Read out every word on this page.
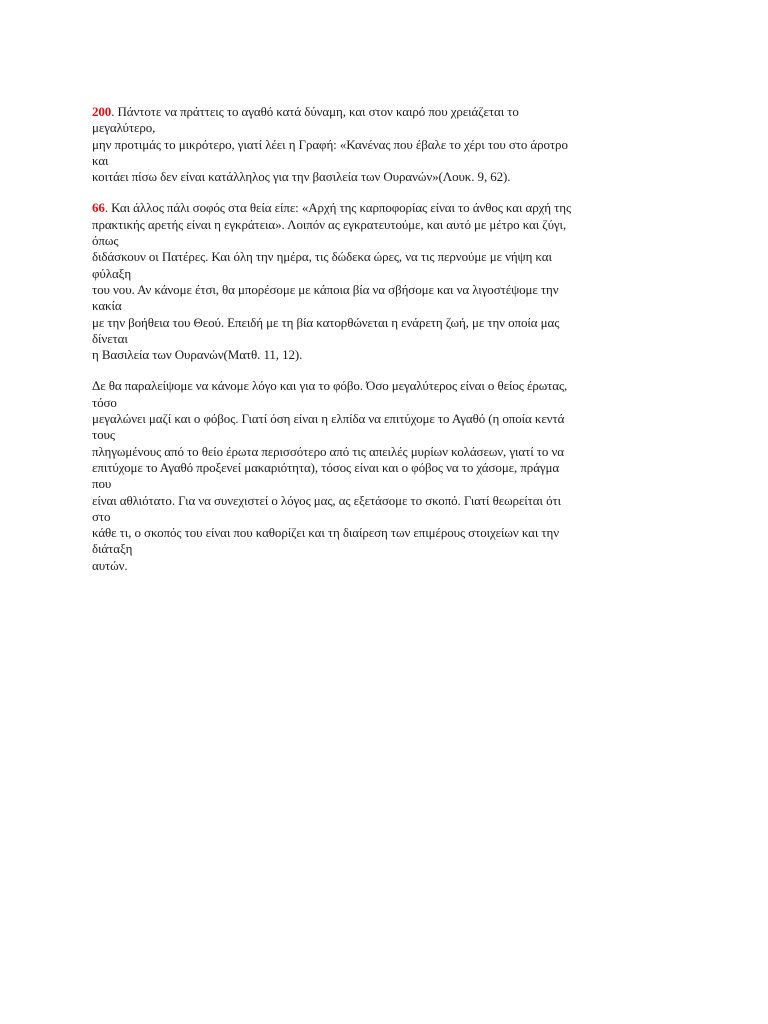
200. Πάντοτε να πράττεις το αγαθό κατά δύναμη, και στον καιρό που χρειάζεται το
μεγαλύτερο,
μην προτιμάς το μικρότερο, γιατί λέει η Γραφή: «Κανένας που έβαλε το χέρι του στο άροτρο
και
κοιτάει πίσω δεν είναι κατάλληλος για την βασιλεία των Ουρανών»(Λουκ. 9, 62).
66. Και άλλος πάλι σοφός στα θεία είπε: «Αρχή της καρποφορίας είναι το άνθος και αρχή της
πρακτικής αρετής είναι η εγκράτεια». Λοιπόν ας εγκρατευτούμε, και αυτό με μέτρο και ζύγι,
όπως
διδάσκουν οι Πατέρες. Και όλη την ημέρα, τις δώδεκα ώρες, να τις περνούμε με νήψη και
φύλαξη
του νου. Αν κάνομε έτσι, θα μπορέσομε με κάποια βία να σβήσομε και να λιγοστέψομε την
κακία
με την βοήθεια του Θεού. Επειδή με τη βία κατορθώνεται η ενάρετη ζωή, με την οποία μας
δίνεται
η Βασιλεία των Ουρανών(Ματθ. 11, 12).
Δε θα παραλείψομε να κάνομε λόγο και για το φόβο. Όσο μεγαλύτερος είναι ο θείος έρωτας,
τόσο
μεγαλώνει μαζί και ο φόβος. Γιατί όση είναι η ελπίδα να επιτύχομε το Αγαθό (η οποία κεντά
τους
πληγωμένους από το θείο έρωτα περισσότερο από τις απειλές μυρίων κολάσεων, γιατί το να
επιτύχομε το Αγαθό προξενεί μακαριότητα), τόσος είναι και ο φόβος να το χάσομε, πράγμα
που
είναι αθλιότατο. Για να συνεχιστεί ο λόγος μας, ας εξετάσομε το σκοπό. Γιατί θεωρείται ότι
στο
κάθε τι, ο σκοπός του είναι που καθορίζει και τη διαίρεση των επιμέρους στοιχείων και την
διάταξη
αυτών.
